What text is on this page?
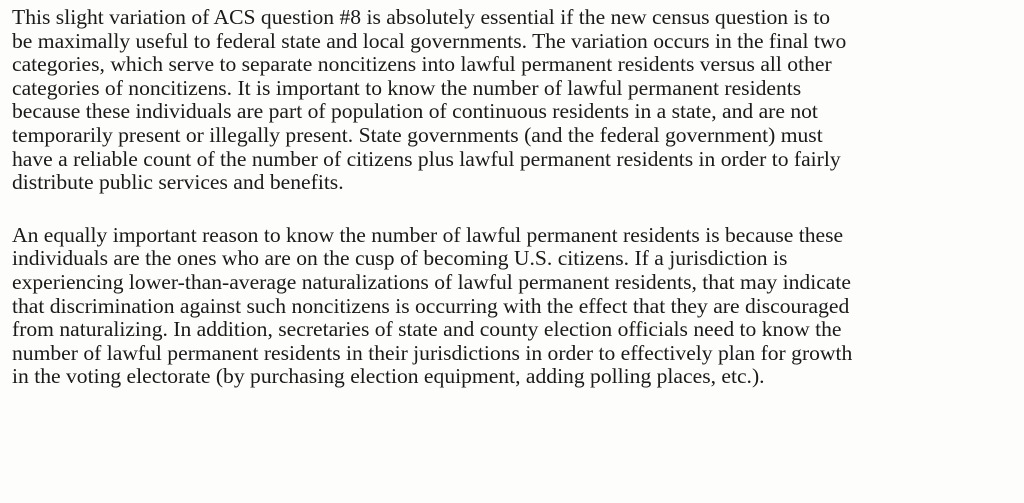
This slight variation of ACS question #8 is absolutely essential if the new census question is to
be maximally useful to federal state and local governments. The variation occurs in the final two
categories, which serve to separate noncitizens into lawful permanent residents versus all other
categories of noncitizens. It is important to know the number of lawful permanent residents
because these individuals are part of population of continuous residents in a state, and are not
temporarily present or illegally present. State governments (and the federal government) must
have a reliable count of the number of citizens plus lawful permanent residents in order to fairly
distribute public services and benefits.

An equally important reason to know the number of lawful permanent residents is because these
individuals are the ones who are on the cusp of becoming U.S. citizens. If a jurisdiction is
experiencing lower-than-average naturalizations of lawful permanent residents, that may indicate
that discrimination against such noncitizens is occurring with the effect that they are discouraged
from naturalizing. In addition, secretaries of state and county election officials need to know the
number of lawful permanent residents in their jurisdictions in order to effectively plan for growth
in the voting electorate (by purchasing election equipment, adding polling places, etc.).
